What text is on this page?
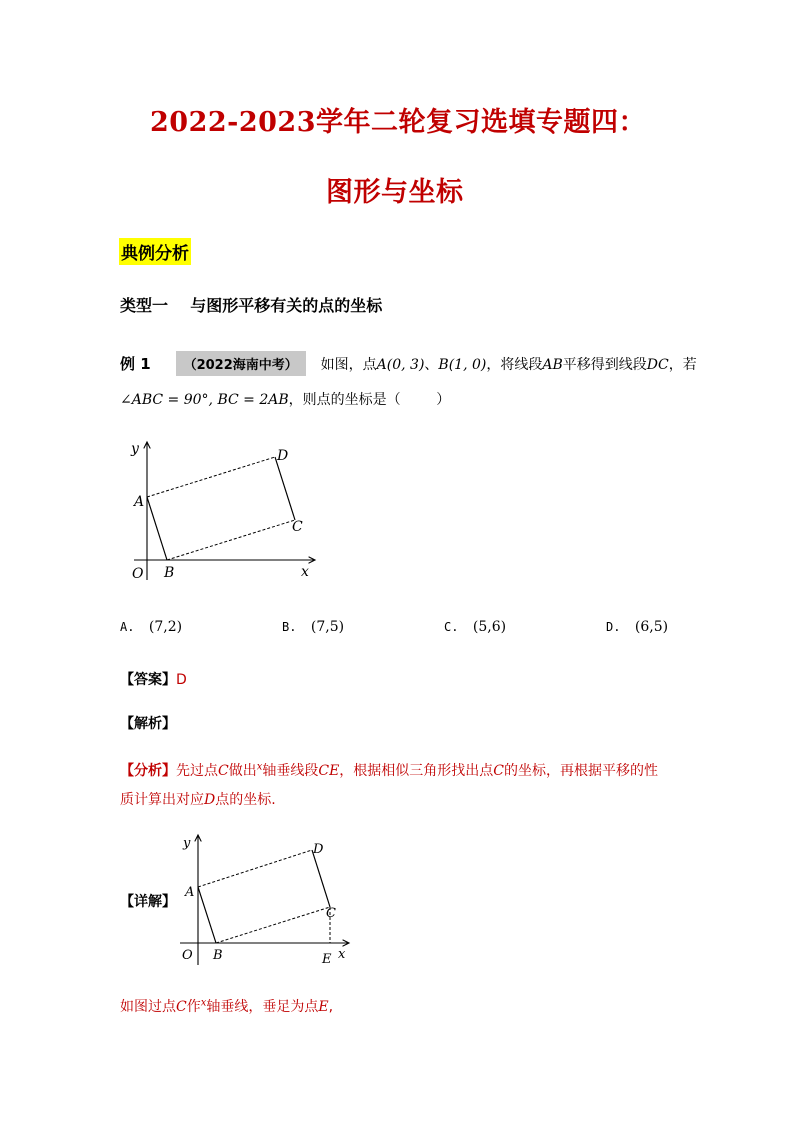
2022-2023学年二轮复习选填专题四：
图形与坐标
典例分析
类型一    与图形平移有关的点的坐标
例 1	（2022海南中考） 如图，点A(0, 3)、B(1, 0)，将线段AB平移得到线段DC，若
∠ABC = 90°, BC = 2AB，则点的坐标是（        ）
y
x
O
A
B
C
D
A. (7,2)	B. (7,5)	C. (5,6)	D. (6,5)
【答案】D
【解析】
【分析】先过点C做出$^x$轴垂线段CE，根据相似三角形找出点C的坐标，再根据平移的性
质计算出对应D点的坐标.
【详解】
y
x
O
A
B
C
D
E
如图过点C作$^x$轴垂线，垂足为点E,
